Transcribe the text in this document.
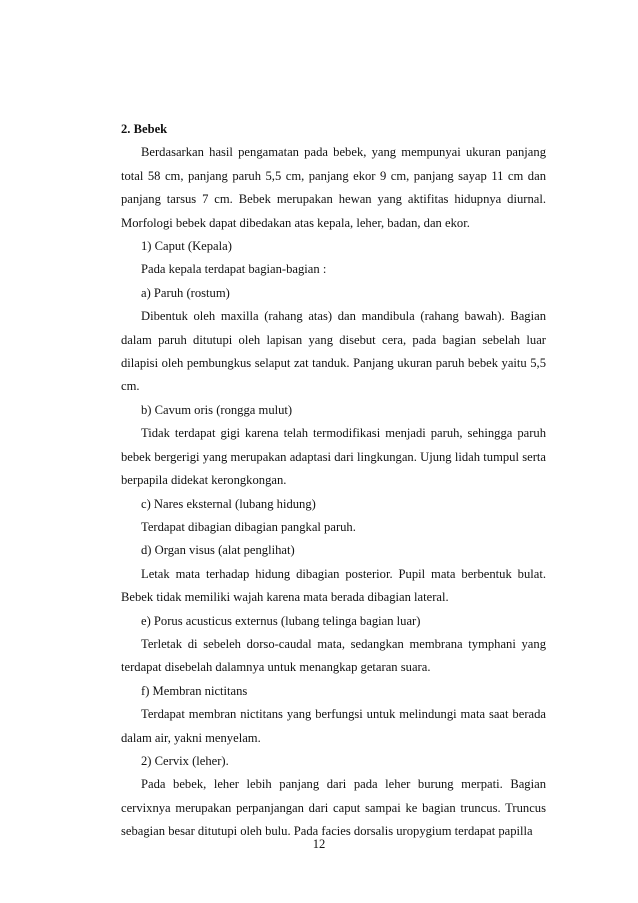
2. Bebek

Berdasarkan hasil pengamatan pada bebek, yang mempunyai ukuran panjang total 58 cm, panjang paruh 5,5 cm, panjang ekor 9 cm, panjang sayap 11 cm dan panjang tarsus 7 cm. Bebek merupakan hewan yang aktifitas hidupnya diurnal. Morfologi bebek dapat dibedakan atas kepala, leher, badan, dan ekor.

1) Caput (Kepala)

Pada kepala terdapat bagian-bagian :

a) Paruh (rostum)

Dibentuk oleh maxilla (rahang atas) dan mandibula (rahang bawah). Bagian dalam paruh ditutupi oleh lapisan yang disebut cera, pada bagian sebelah luar dilapisi oleh pembungkus selaput zat tanduk. Panjang ukuran paruh bebek yaitu 5,5 cm.

b) Cavum oris (rongga mulut)

Tidak terdapat gigi karena telah termodifikasi menjadi paruh, sehingga paruh bebek bergerigi yang merupakan adaptasi dari lingkungan. Ujung lidah tumpul serta berpapila didekat kerongkongan.

c) Nares eksternal (lubang hidung)

Terdapat dibagian dibagian pangkal paruh.

d) Organ visus (alat penglihat)

Letak mata terhadap hidung dibagian posterior. Pupil mata berbentuk bulat. Bebek tidak memiliki wajah karena mata berada dibagian lateral.

e) Porus acusticus externus (lubang telinga bagian luar)

Terletak di sebeleh dorso-caudal mata, sedangkan membrana tymphani yang terdapat disebelah dalamnya untuk menangkap getaran suara.

f) Membran nictitans

Terdapat membran nictitans yang berfungsi untuk melindungi mata saat berada dalam air, yakni menyelam.

2) Cervix (leher).

Pada bebek, leher lebih panjang dari pada leher burung merpati. Bagian cervixnya merupakan perpanjangan dari caput sampai ke bagian truncus. Truncus sebagian besar ditutupi oleh bulu. Pada facies dorsalis uropygium terdapat papilla

12
